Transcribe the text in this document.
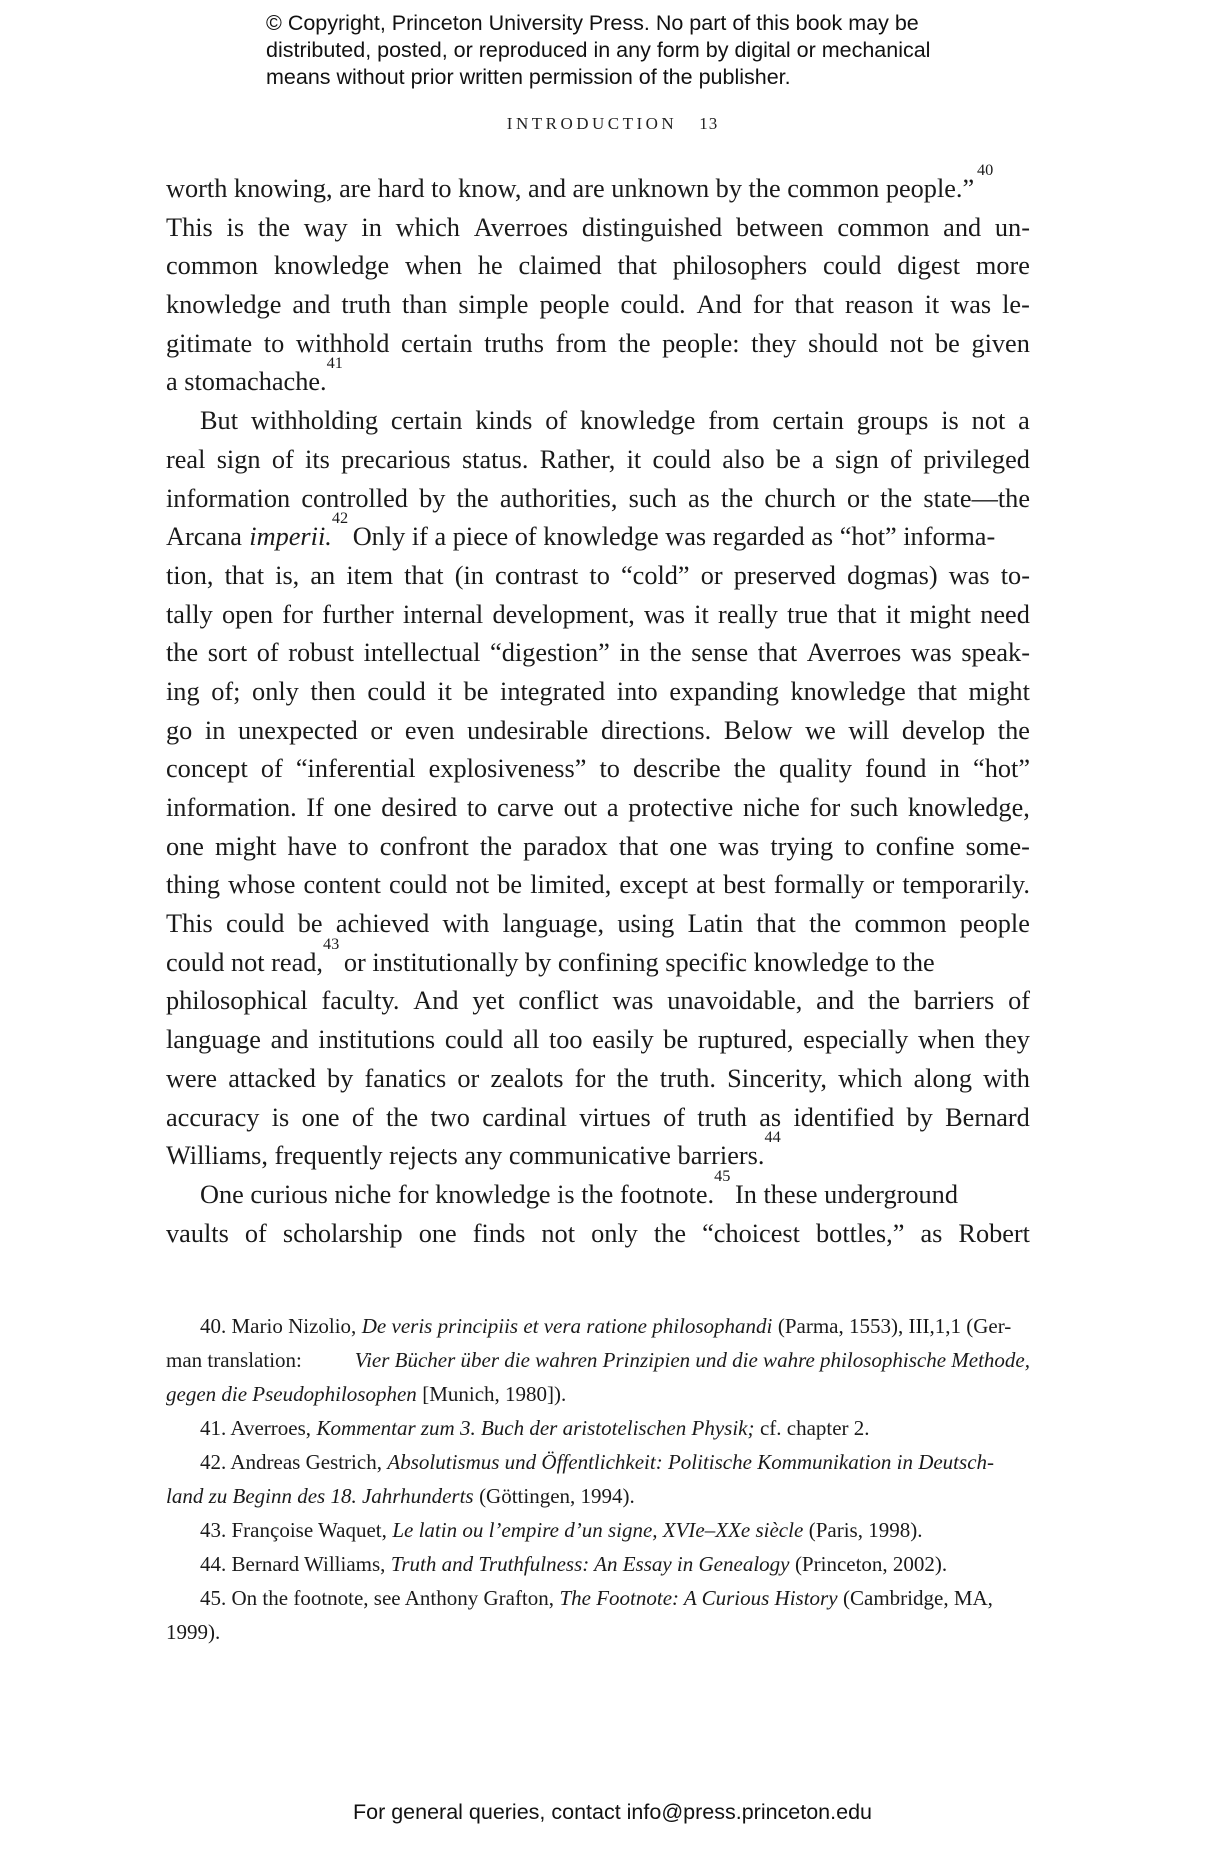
© Copyright, Princeton University Press. No part of this book may be
distributed, posted, or reproduced in any form by digital or mechanical
means without prior written permission of the publisher.
INTRODUCTION 13
worth knowing, are hard to know, and are unknown by the common people.”
40
This is the way in which Averroes distinguished between common and un-
common knowledge when he claimed that philosophers could digest more
knowledge and truth than simple people could. And for that reason it was le-
gitimate to withhold certain truths from the people: they should not be given
a stomachache.
41
But withholding certain kinds of knowledge from certain groups is not a
real sign of its precarious status. Rather, it could also be a sign of privileged
information controlled by the authorities, such as the church or the state—the
Arcana imperii.
42
Only if a piece of knowledge was regarded as “hot” informa-
tion, that is, an item that (in contrast to “cold” or preserved dogmas) was to-
tally open for further internal development, was it really true that it might need
the sort of robust intellectual “digestion” in the sense that Averroes was speak-
ing of; only then could it be integrated into expanding knowledge that might
go in unexpected or even undesirable directions. Below we will develop the
concept of “inferential explosiveness” to describe the quality found in “hot”
information. If one desired to carve out a protective niche for such knowledge,
one might have to confront the paradox that one was trying to confine some-
thing whose content could not be limited, except at best formally or temporarily.
This could be achieved with language, using Latin that the common people
could not read,
43
or institutionally by confining specific knowledge to the
philosophical faculty. And yet conflict was unavoidable, and the barriers of
language and institutions could all too easily be ruptured, especially when they
were attacked by fanatics or zealots for the truth. Sincerity, which along with
accuracy is one of the two cardinal virtues of truth as identified by Bernard
Williams, frequently rejects any communicative barriers.
44
One curious niche for knowledge is the footnote.
45
In these underground
vaults of scholarship one finds not only the “choicest bottles,” as Robert
40. Mario Nizolio, De veris principiis et vera ratione philosophandi (Parma, 1553), III,1,1 (Ger-
man translation:	Vier Bücher über die wahren Prinzipien und die wahre philosophische Methode,
gegen die Pseudophilosophen [Munich, 1980]).
41. Averroes, Kommentar zum 3. Buch der aristotelischen Physik; cf. chapter 2.
42. Andreas Gestrich, Absolutismus und Öffentlichkeit: Politische Kommunikation in Deutsch-
land zu Beginn des 18. Jahrhunderts (Göttingen, 1994).
43. Françoise Waquet, Le latin ou l’empire d’un signe, XVIe–XXe siècle (Paris, 1998).
44. Bernard Williams, Truth and Truthfulness: An Essay in Genealogy (Princeton, 2002).
45. On the footnote, see Anthony Grafton, The Footnote: A Curious History (Cambridge, MA,
1999).
For general queries, contact info@press.princeton.edu
